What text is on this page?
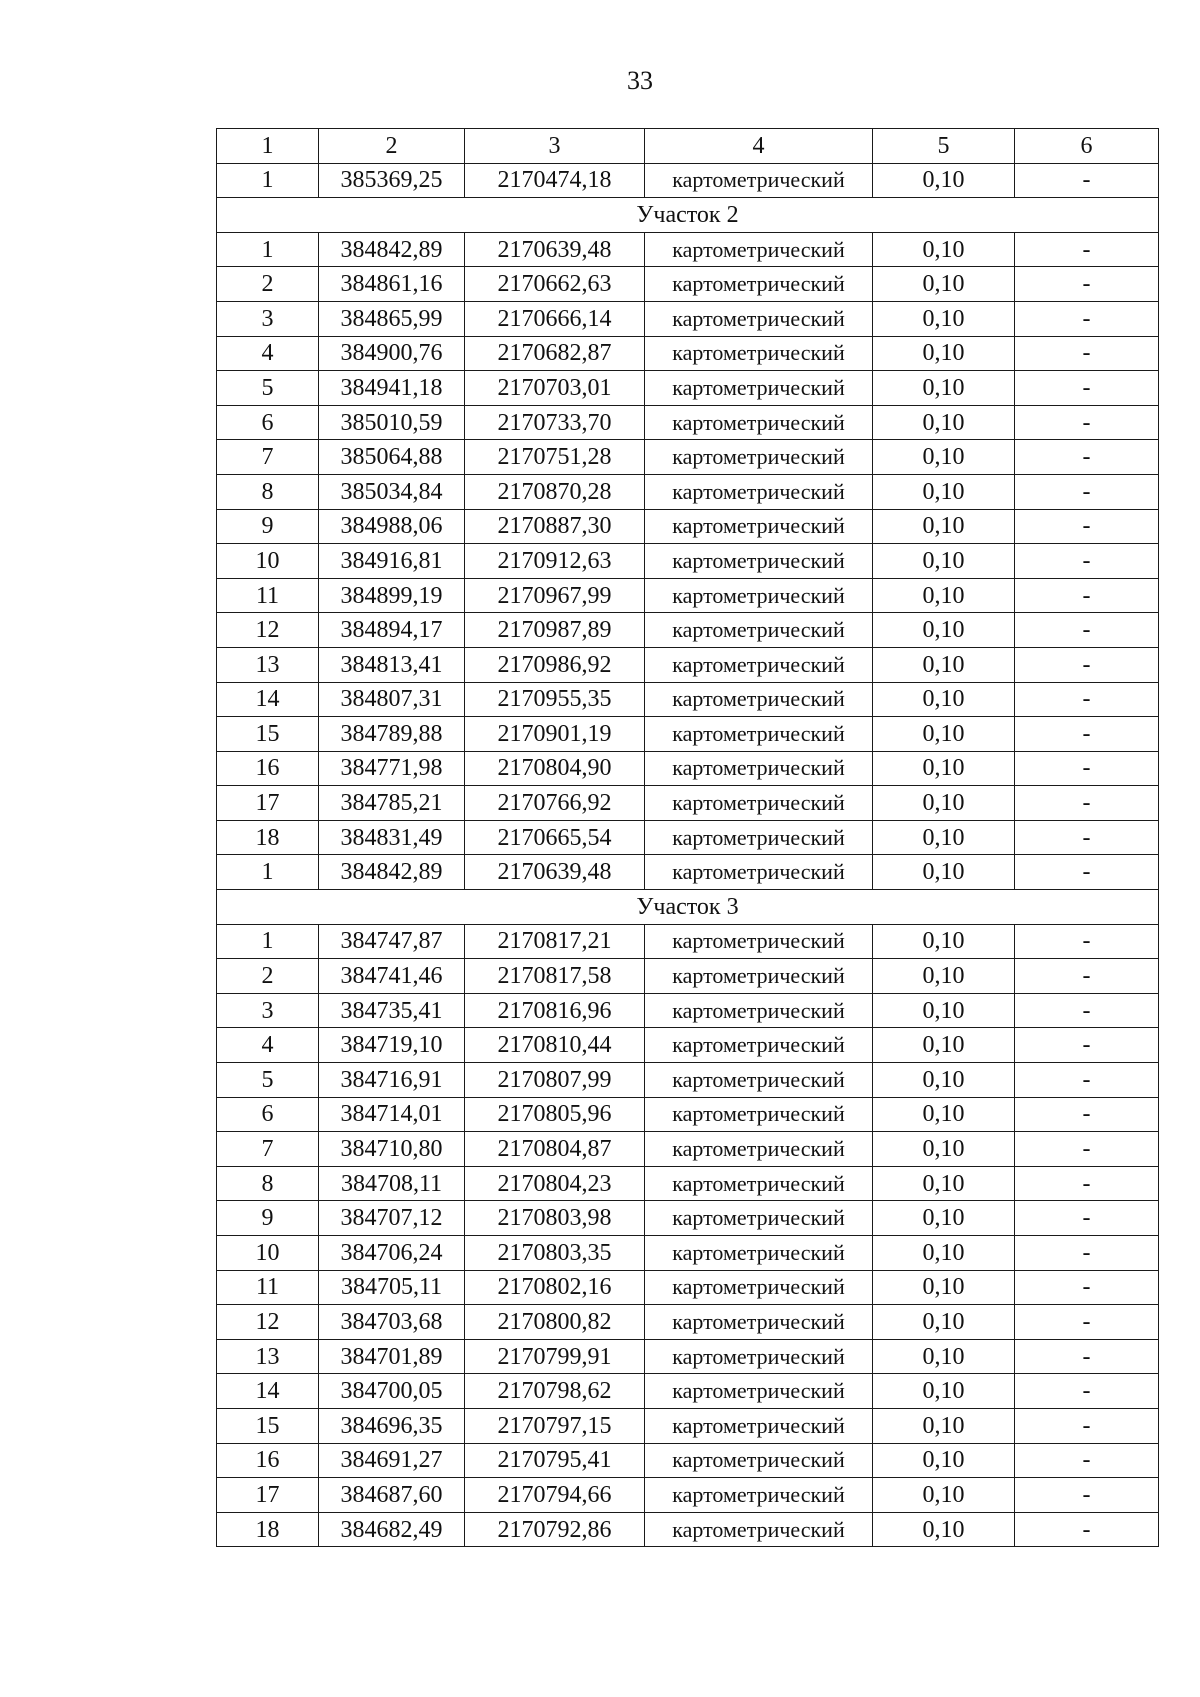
33
1	2	3	4	5	6
1	385369,25	2170474,18	картометрический	0,10	-
Участок 2					
1	384842,89	2170639,48	картометрический	0,10	-
2	384861,16	2170662,63	картометрический	0,10	-
3	384865,99	2170666,14	картометрический	0,10	-
4	384900,76	2170682,87	картометрический	0,10	-
5	384941,18	2170703,01	картометрический	0,10	-
6	385010,59	2170733,70	картометрический	0,10	-
7	385064,88	2170751,28	картометрический	0,10	-
8	385034,84	2170870,28	картометрический	0,10	-
9	384988,06	2170887,30	картометрический	0,10	-
10	384916,81	2170912,63	картометрический	0,10	-
11	384899,19	2170967,99	картометрический	0,10	-
12	384894,17	2170987,89	картометрический	0,10	-
13	384813,41	2170986,92	картометрический	0,10	-
14	384807,31	2170955,35	картометрический	0,10	-
15	384789,88	2170901,19	картометрический	0,10	-
16	384771,98	2170804,90	картометрический	0,10	-
17	384785,21	2170766,92	картометрический	0,10	-
18	384831,49	2170665,54	картометрический	0,10	-
1	384842,89	2170639,48	картометрический	0,10	-
Участок 3					
1	384747,87	2170817,21	картометрический	0,10	-
2	384741,46	2170817,58	картометрический	0,10	-
3	384735,41	2170816,96	картометрический	0,10	-
4	384719,10	2170810,44	картометрический	0,10	-
5	384716,91	2170807,99	картометрический	0,10	-
6	384714,01	2170805,96	картометрический	0,10	-
7	384710,80	2170804,87	картометрический	0,10	-
8	384708,11	2170804,23	картометрический	0,10	-
9	384707,12	2170803,98	картометрический	0,10	-
10	384706,24	2170803,35	картометрический	0,10	-
11	384705,11	2170802,16	картометрический	0,10	-
12	384703,68	2170800,82	картометрический	0,10	-
13	384701,89	2170799,91	картометрический	0,10	-
14	384700,05	2170798,62	картометрический	0,10	-
15	384696,35	2170797,15	картометрический	0,10	-
16	384691,27	2170795,41	картометрический	0,10	-
17	384687,60	2170794,66	картометрический	0,10	-
18	384682,49	2170792,86	картометрический	0,10	-
